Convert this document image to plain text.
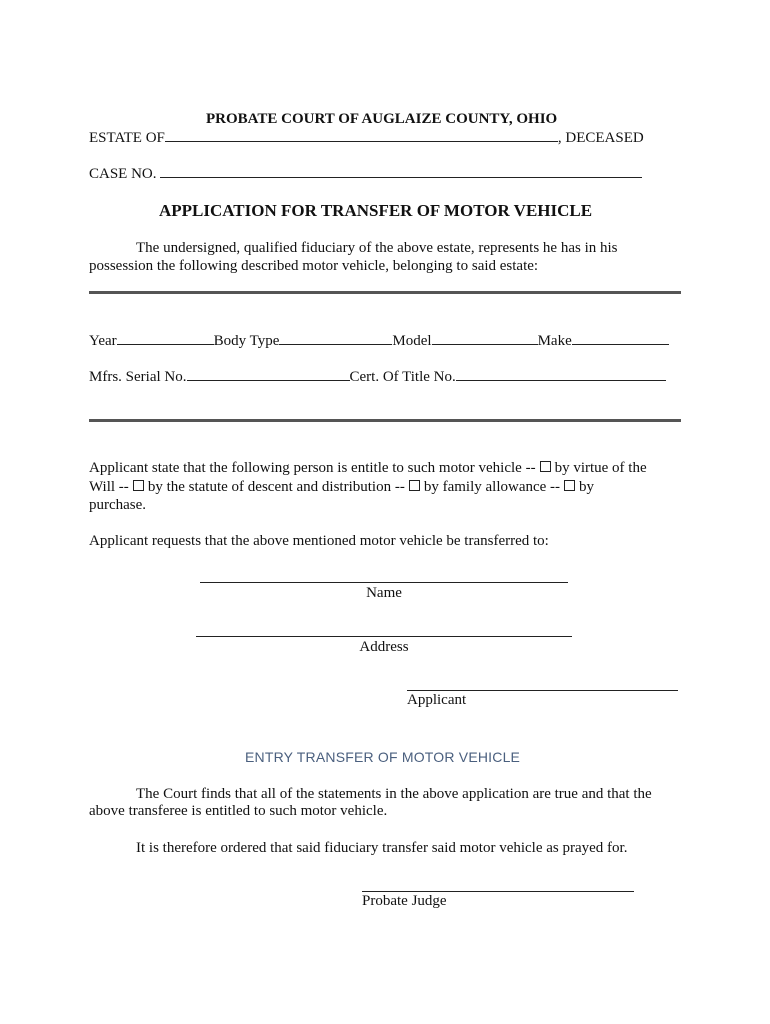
PROBATE COURT OF AUGLAIZE COUNTY, OHIO
ESTATE OF	, DECEASED
CASE NO.
APPLICATION FOR TRANSFER OF MOTOR VEHICLE
The undersigned, qualified fiduciary of the above estate, represents he has in his
possession the following described motor vehicle, belonging to said estate:
Year	Body Type	Model	Make
Mfrs. Serial No.	Cert. Of Title No.
Applicant state that the following person is entitle to such motor vehicle -- by virtue of the
Will -- by the statute of descent and distribution -- by family allowance -- by
purchase.
Applicant requests that the above mentioned motor vehicle be transferred to:
Name
Address
Applicant
ENTRY TRANSFER OF MOTOR VEHICLE
The Court finds that all of the statements in the above application are true and that the
above transferee is entitled to such motor vehicle.
It is therefore ordered that said fiduciary transfer said motor vehicle as prayed for.
Probate Judge
